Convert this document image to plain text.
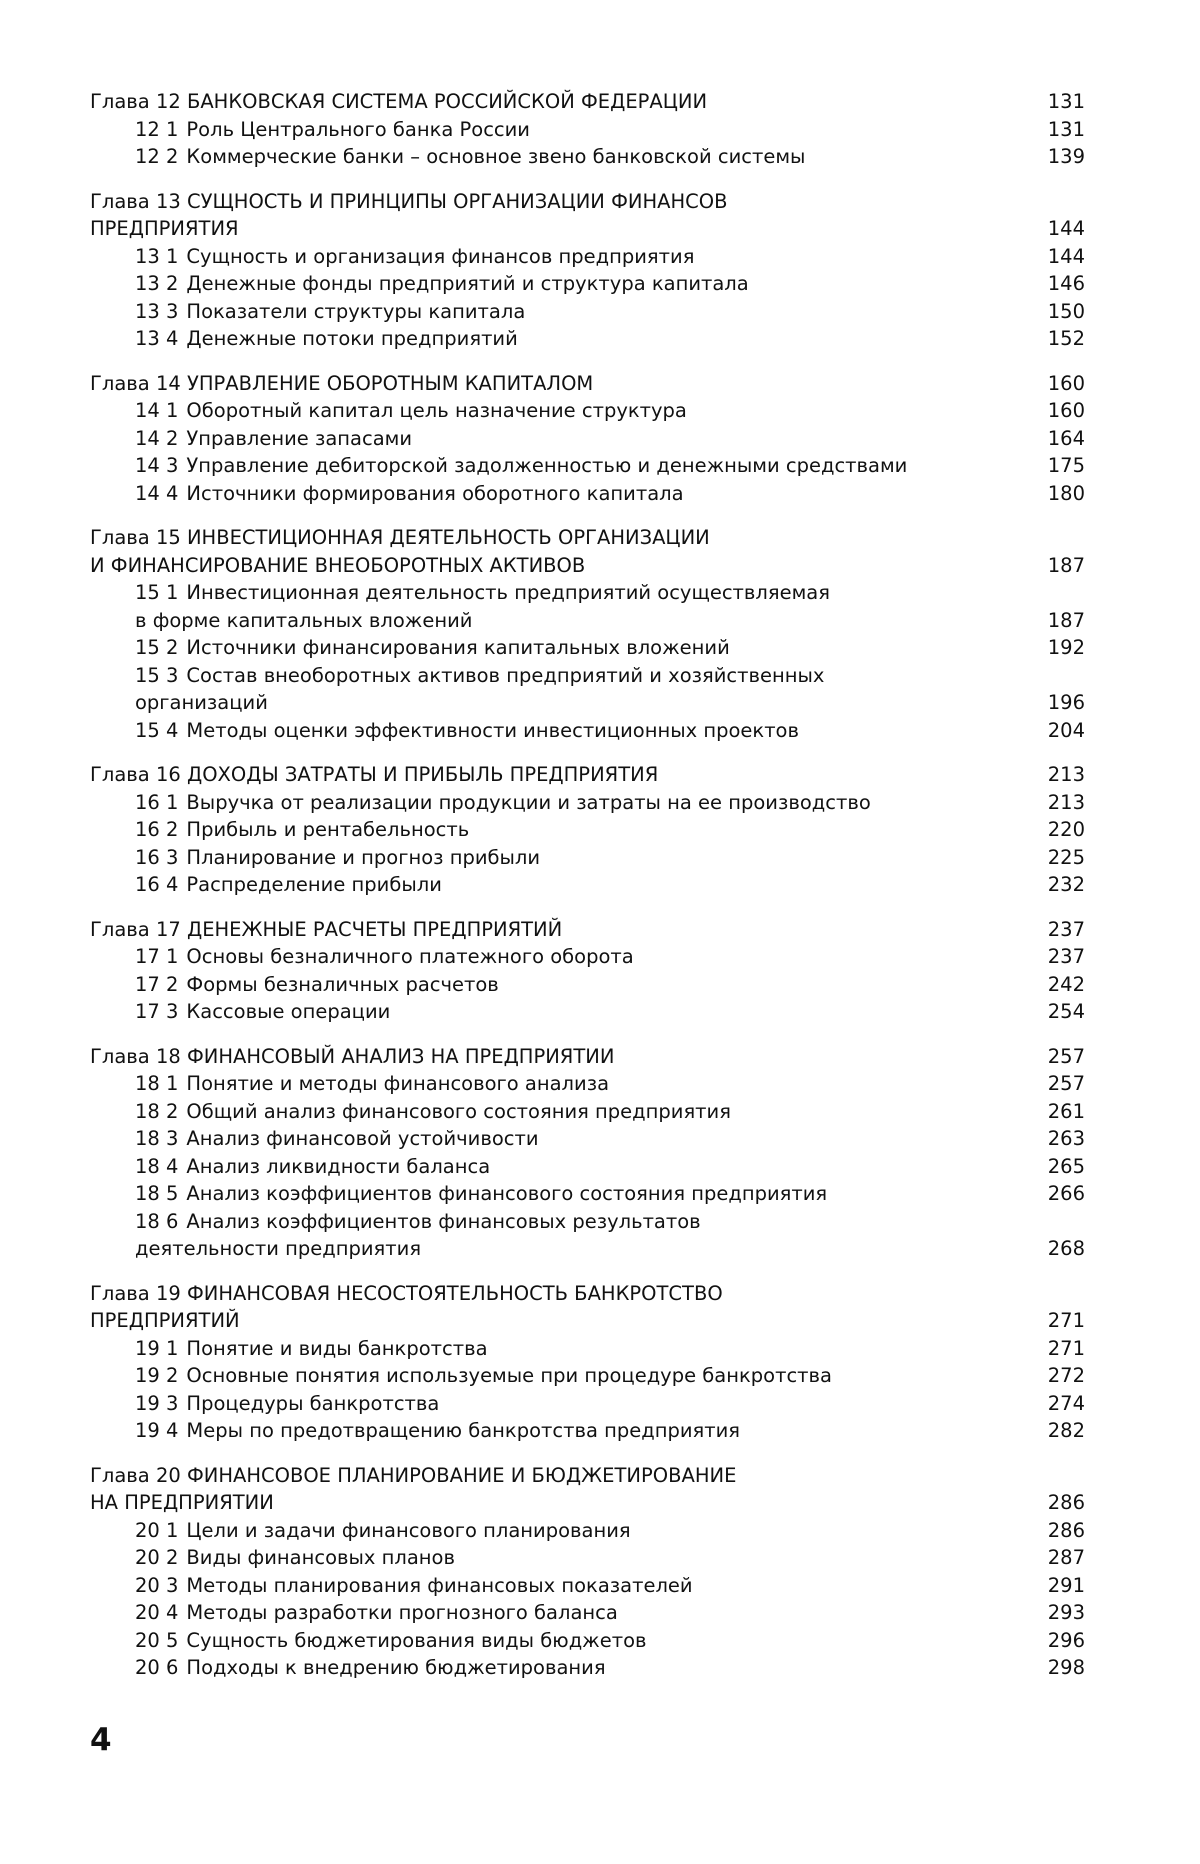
Глава 12 БАНКОВСКАЯ СИСТЕМА РОССИЙСКОЙ ФЕДЕРАЦИИ	131
12 1 Роль Центрального банка России	131
12 2 Коммерческие банки – основное звено банковской системы	139
Глава 13 СУЩНОСТЬ И ПРИНЦИПЫ ОРГАНИЗАЦИИ ФИНАНСОВ
ПРЕДПРИЯТИЯ	144
13 1 Сущность и организация финансов предприятия	144
13 2 Денежные фонды предприятий и структура капитала	146
13 3 Показатели структуры капитала	150
13 4 Денежные потоки предприятий	152
Глава 14 УПРАВЛЕНИЕ ОБОРОТНЫМ КАПИТАЛОМ	160
14 1 Оборотный капитал цель назначение структура	160
14 2 Управление запасами	164
14 3 Управление дебиторской задолженностью и денежными средствами	175
14 4 Источники формирования оборотного капитала	180
Глава 15 ИНВЕСТИЦИОННАЯ ДЕЯТЕЛЬНОСТЬ ОРГАНИЗАЦИИ
И ФИНАНСИРОВАНИЕ ВНЕОБОРОТНЫХ АКТИВОВ	187
15 1 Инвестиционная деятельность предприятий осуществляемая
в форме капитальных вложений	187
15 2 Источники финансирования капитальных вложений	192
15 3 Состав внеоборотных активов предприятий и хозяйственных
организаций	196
15 4 Методы оценки эффективности инвестиционных проектов	204
Глава 16 ДОХОДЫ ЗАТРАТЫ И ПРИБЫЛЬ ПРЕДПРИЯТИЯ	213
16 1 Выручка от реализации продукции и затраты на ее производство	213
16 2 Прибыль и рентабельность	220
16 3 Планирование и прогноз прибыли	225
16 4 Распределение прибыли	232
Глава 17 ДЕНЕЖНЫЕ РАСЧЕТЫ ПРЕДПРИЯТИЙ	237
17 1 Основы безналичного платежного оборота	237
17 2 Формы безналичных расчетов	242
17 3 Кассовые операции	254
Глава 18 ФИНАНСОВЫЙ АНАЛИЗ НА ПРЕДПРИЯТИИ	257
18 1 Понятие и методы финансового анализа	257
18 2 Общий анализ финансового состояния предприятия	261
18 3 Анализ финансовой устойчивости	263
18 4 Анализ ликвидности баланса	265
18 5 Анализ коэффициентов финансового состояния предприятия	266
18 6 Анализ коэффициентов финансовых результатов
деятельности предприятия	268
Глава 19 ФИНАНСОВАЯ НЕСОСТОЯТЕЛЬНОСТЬ БАНКРОТСТВО
ПРЕДПРИЯТИЙ	271
19 1 Понятие и виды банкротства	271
19 2 Основные понятия используемые при процедуре банкротства	272
19 3 Процедуры банкротства	274
19 4 Меры по предотвращению банкротства предприятия	282
Глава 20 ФИНАНСОВОЕ ПЛАНИРОВАНИЕ И БЮДЖЕТИРОВАНИЕ
НА ПРЕДПРИЯТИИ	286
20 1 Цели и задачи финансового планирования	286
20 2 Виды финансовых планов	287
20 3 Методы планирования финансовых показателей	291
20 4 Методы разработки прогнозного баланса	293
20 5 Сущность бюджетирования виды бюджетов	296
20 6 Подходы к внедрению бюджетирования	298
4
